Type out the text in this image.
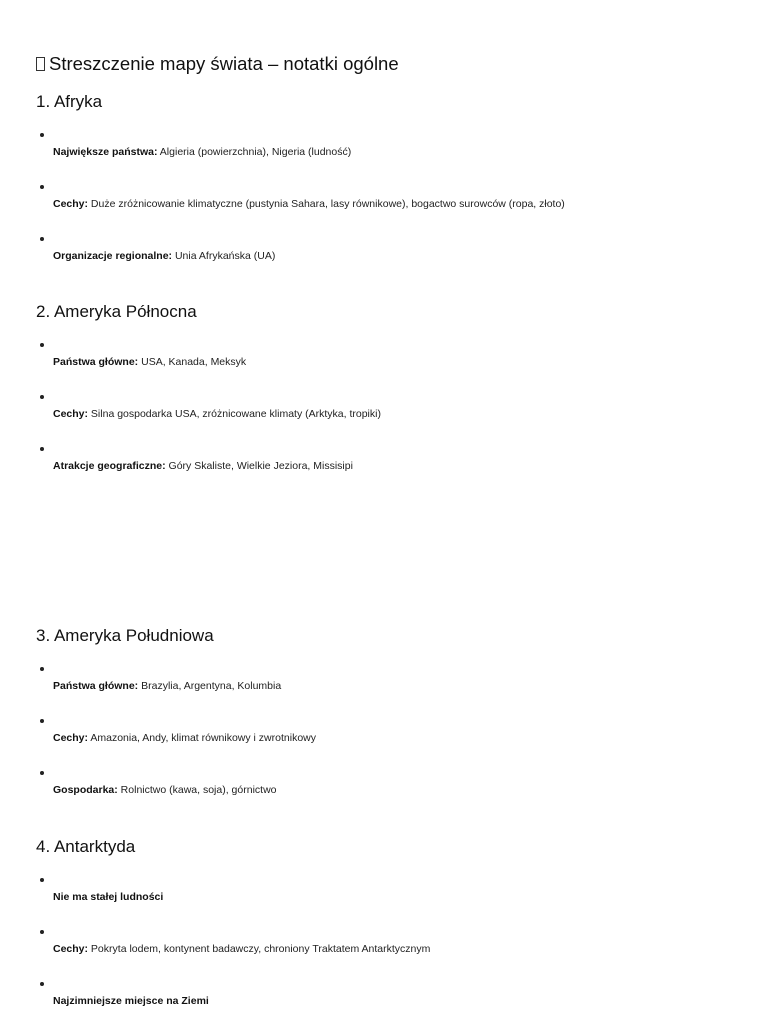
Streszczenie mapy świata – notatki ogólne
1. Afryka
Największe państwa: Algieria (powierzchnia), Nigeria (ludność)
Cechy: Duże zróżnicowanie klimatyczne (pustynia Sahara, lasy równikowe), bogactwo surowców (ropa, złoto)
Organizacje regionalne: Unia Afrykańska (UA)
2. Ameryka Północna
Państwa główne: USA, Kanada, Meksyk
Cechy: Silna gospodarka USA, zróżnicowane klimaty (Arktyka, tropiki)
Atrakcje geograficzne: Góry Skaliste, Wielkie Jeziora, Missisipi
3. Ameryka Południowa
Państwa główne: Brazylia, Argentyna, Kolumbia
Cechy: Amazonia, Andy, klimat równikowy i zwrotnikowy
Gospodarka: Rolnictwo (kawa, soja), górnictwo
4. Antarktyda
Nie ma stałej ludności
Cechy: Pokryta lodem, kontynent badawczy, chroniony Traktatem Antarktycznym
Najzimniejsze miejsce na Ziemi
